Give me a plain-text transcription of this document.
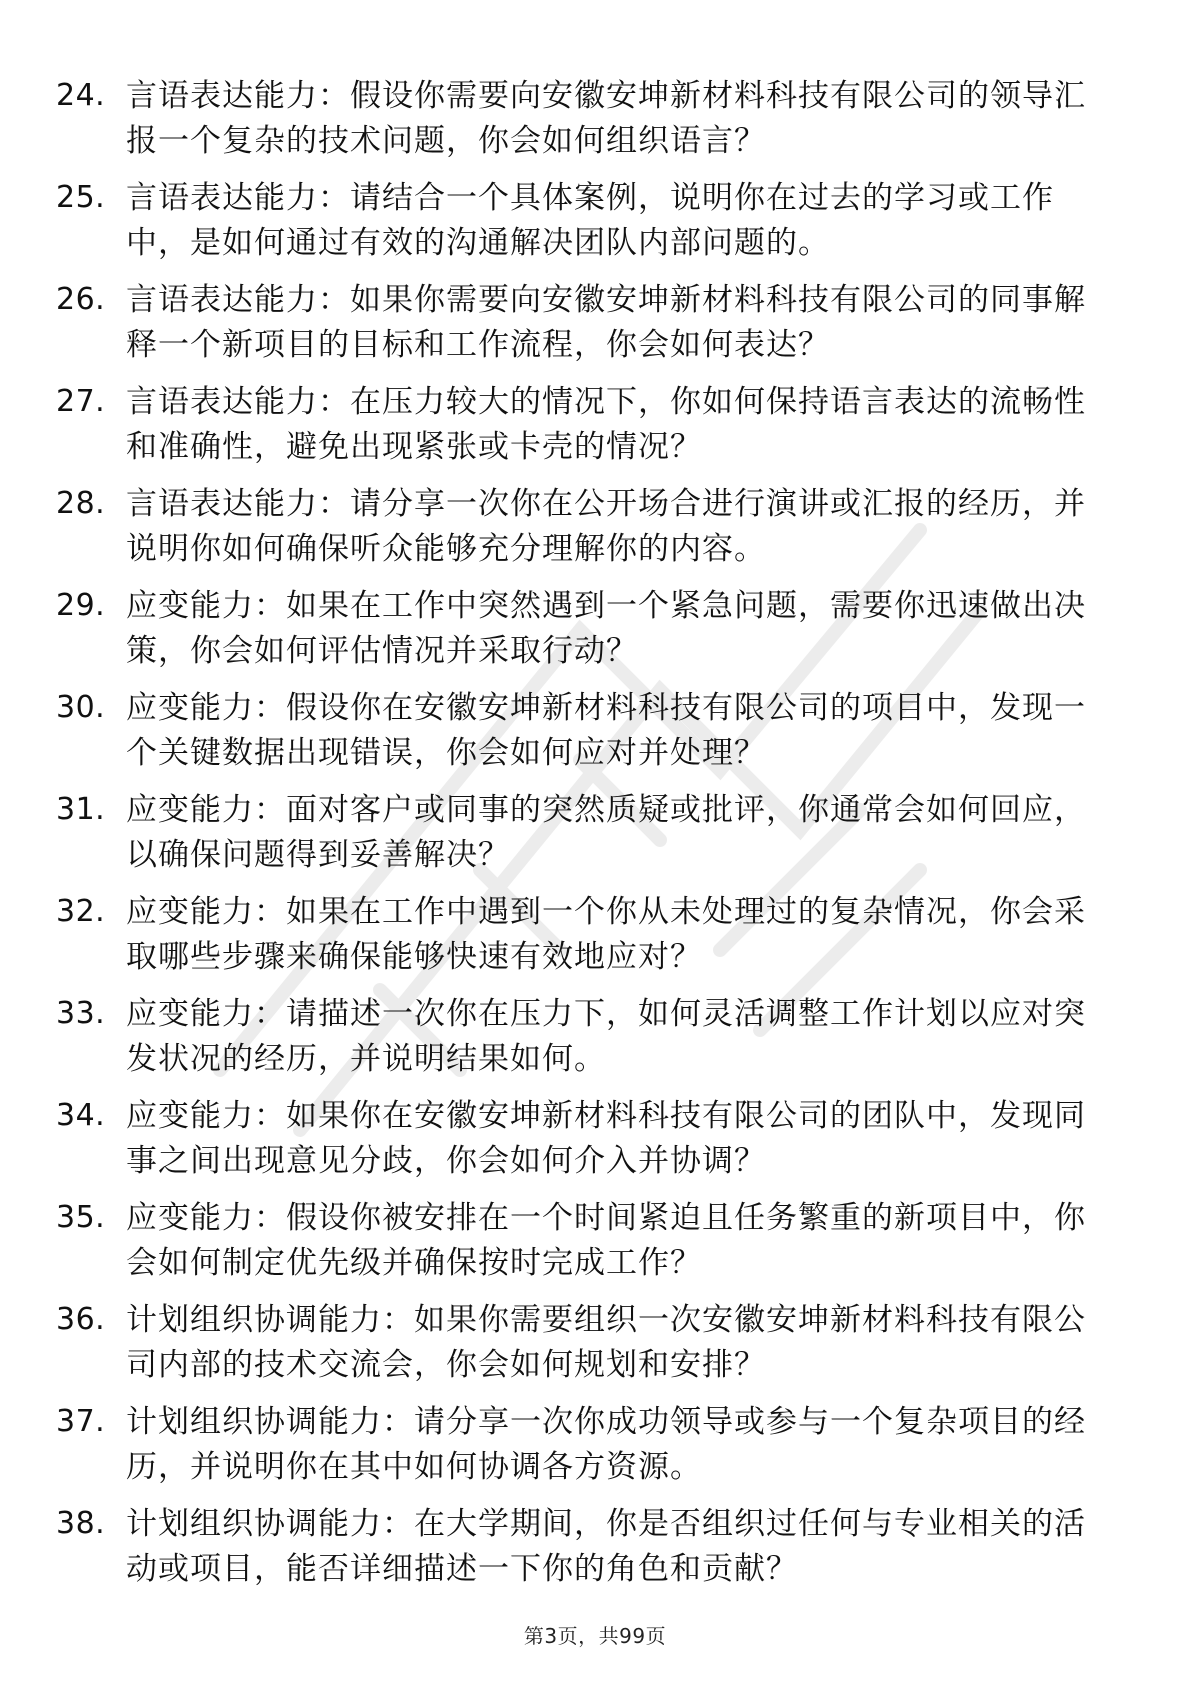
24. 言语表达能力：假设你需要向安徽安坤新材料科技有限公司的领导汇报一个复杂的技术问题，你会如何组织语言？
25. 言语表达能力：请结合一个具体案例，说明你在过去的学习或工作中，是如何通过有效的沟通解决团队内部问题的。
26. 言语表达能力：如果你需要向安徽安坤新材料科技有限公司的同事解释一个新项目的目标和工作流程，你会如何表达？
27. 言语表达能力：在压力较大的情况下，你如何保持语言表达的流畅性和准确性，避免出现紧张或卡壳的情况？
28. 言语表达能力：请分享一次你在公开场合进行演讲或汇报的经历，并说明你如何确保听众能够充分理解你的内容。
29. 应变能力：如果在工作中突然遇到一个紧急问题，需要你迅速做出决策，你会如何评估情况并采取行动？
30. 应变能力：假设你在安徽安坤新材料科技有限公司的项目中，发现一个关键数据出现错误，你会如何应对并处理？
31. 应变能力：面对客户或同事的突然质疑或批评，你通常会如何回应，以确保问题得到妥善解决？
32. 应变能力：如果在工作中遇到一个你从未处理过的复杂情况，你会采取哪些步骤来确保能够快速有效地应对？
33. 应变能力：请描述一次你在压力下，如何灵活调整工作计划以应对突发状况的经历，并说明结果如何。
34. 应变能力：如果你在安徽安坤新材料科技有限公司的团队中，发现同事之间出现意见分歧，你会如何介入并协调？
35. 应变能力：假设你被安排在一个时间紧迫且任务繁重的新项目中，你会如何制定优先级并确保按时完成工作？
36. 计划组织协调能力：如果你需要组织一次安徽安坤新材料科技有限公司内部的技术交流会，你会如何规划和安排？
37. 计划组织协调能力：请分享一次你成功领导或参与一个复杂项目的经历，并说明你在其中如何协调各方资源。
38. 计划组织协调能力：在大学期间，你是否组织过任何与专业相关的活动或项目，能否详细描述一下你的角色和贡献？
第3页，共99页
